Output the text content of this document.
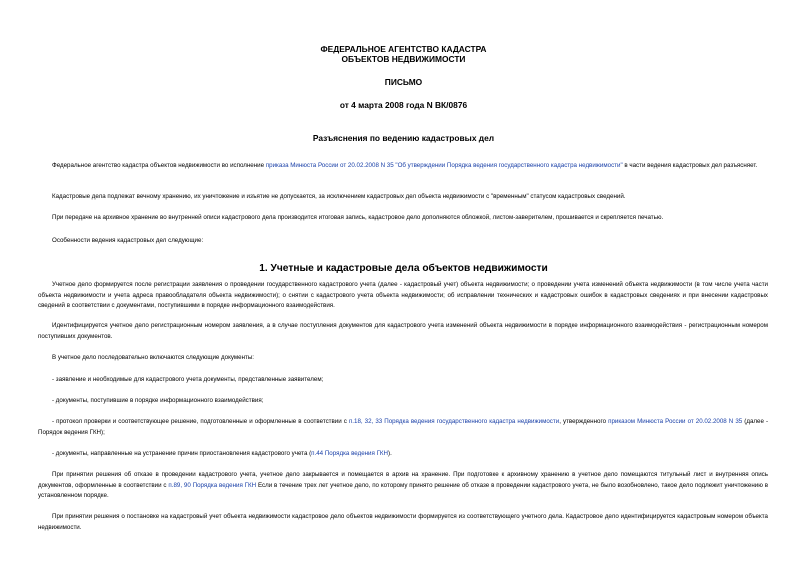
ФЕДЕРАЛЬНОЕ АГЕНТСТВО КАДАСТРА
ОБЪЕКТОВ НЕДВИЖИМОСТИ
ПИСЬМО
от 4 марта 2008 года N ВК/0876
Разъяснения по ведению кадастровых дел
Федеральное агентство кадастра объектов недвижимости во исполнение приказа Минюста России от 20.02.2008 N 35 "Об утверждении Порядка ведения государственного кадастра недвижимости" в части ведения кадастровых дел разъясняет.
Кадастровые дела подлежат вечному хранению, их уничтожение и изъятие не допускается, за исключением кадастровых дел объекта недвижимости с "временным" статусом кадастровых сведений.
При передаче на архивное хранение во внутренней описи кадастрового дела производится итоговая запись, кадастровое дело дополняются обложкой, листом-заверителем, прошивается и скрепляется печатью.
Особенности ведения кадастровых дел следующие:
1. Учетные и кадастровые дела объектов недвижимости
Учетное дело формируется после регистрации заявления о проведении государственного кадастрового учета (далее - кадастровый учет) объекта недвижимости; о проведении учета изменений объекта недвижимости (в том числе учета части объекта недвижимости и учета адреса правообладателя объекта недвижимости); о снятии с кадастрового учета объекта недвижимости; об исправлении технических и кадастровых ошибок в кадастровых сведениях и при внесении кадастровых сведений в соответствии с документами, поступившими в порядке информационного взаимодействия.
Идентифицируется учетное дело регистрационным номером заявления, а в случае поступления документов для кадастрового учета изменений объекта недвижимости в порядке информационного взаимодействия - регистрационным номером поступивших документов.
В учетное дело последовательно включаются следующие документы:
- заявление и необходимые для кадастрового учета документы, представленные заявителем;
- документы, поступившие в порядке информационного взаимодействия;
- протокол проверки и соответствующее решение, подготовленные и оформленные в соответствии с п.18, 32, 33 Порядка ведения государственного кадастра недвижимости, утвержденного приказом Минюста России от 20.02.2008 N 35 (далее - Порядок ведения ГКН);
- документы, направленные на устранение причин приостановления кадастрового учета (п.44 Порядка ведения ГКН).
При принятии решения об отказе в проведении кадастрового учета, учетное дело закрывается и помещается в архив на хранение. При подготовке к архивному хранению в учетное дело помещаются титульный лист и внутренняя опись документов, оформленные в соответствии с п.89, 90 Порядка ведения ГКН Если в течение трех лет учетное дело, по которому принято решение об отказе в проведении кадастрового учета, не было возобновлено, такое дело подлежит уничтожению в установленном порядке.
При принятии решения о постановке на кадастровый учет объекта недвижимости кадастровое дело объектов недвижимости формируется из соответствующего учетного дела. Кадастровое дело идентифицируется кадастровым номером объекта недвижимости.
